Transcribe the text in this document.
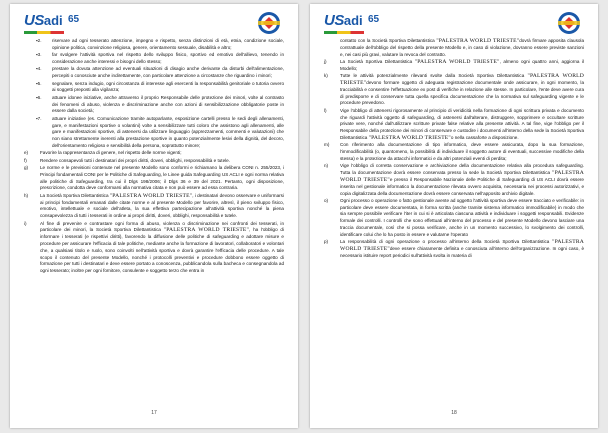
USadi 65
▪ 2.	riservare ad ogni tesserato attenzione, impegno e rispetto, senza distinzioni di età, etnia, condizione sociale, opinione politica, convinzione religiosa, genere, orientamento sessuale, disabilità e altro;
▪ 3.	far svolgere l'attività sportiva nel rispetto dello sviluppo fisico, sportivo ed emotivo dell'allievo, tenendo in considerazione anche interessi e bisogni dello stesso;
▪ 4.	prestare la dovuta attenzione ad eventuali situazioni di disagio anche derivante da disturbi dell'alimentazione, percepiti o conosciute anche indirettamente, con particolare attenzione a circostanze che riguardino i minori;
▪ 5.	segnalare, senza indugio, ogni circostanza di interesse agli esercenti la responsabilità genitoriale o tutoria ovvero ai soggetti preposti alla vigilanza;
▪ 6.	attuare idonee iniziative, anche attraverso il proprio Responsabile delle protezione dei minori, volte al contrasto dei fenomeni di abuso, violenza e discriminazione anche con azioni di sensibilizzazione obbligatorie poste in essere dalla società;
▪ 7.	attuare iniziative (es. Comunicazione tramite autoparlante, esposizione cartelli presso le sedi degli allenamenti, gare, e manifestazioni sportive o volantini) volte a sensibilizzare tutti coloro che assistono agli allenamenti, alle gare e manifestazioni sportive, di astenersi da utilizzare linguaggio (apprezzamenti, commenti e valutazioni) che non siano strettamente inerenti alla prestazione sportive in quanto potenzialmente lesivi della dignità, del decoro, dell'orientamento religioso e sensibilità della persona, soprattutto minore;
e)	Favorire la rappresentanza di genere, nel rispetto delle norme vigenti;
f)	Rendere consapevoli tutti i destinatari dei propri diritti, doveri, obblighi, responsabilità e tutele.
g)	Le norme e le previsioni contenute nel presente Modello sono conformi e richiamano la delibera CONI n. 255/2023, i Principi fondamentali CONI per le Politiche di Safeguarding, le Linee guida Safeguarding US ACLI e ogni norma relativa alle politiche di Safeguarding, tra cui il Dlgs 198/2006; il Dlgs 36 e 39 del 2021. Pertanto, ogni disposizione, prescrizione, condotta deve conformarsi alla normativa citata e non può essere ad essa contraria.
h)	La Società Sportiva Dilettantistica "PALESTRA WORLD TRIESTE", i destinatari devono osservare e uniformarsi ai principi fondamentali emanati dalle citate norme e al presente Modello per favorire, altresì, il pieno sviluppo fisico, emotivo, intellettuale e sociale dell'atleta, la sua effettiva partecipazione all'attività sportiva nonché la piena consapevolezza di tutti i tesserati in ordine ai propri diritti, doveri, obblighi, responsabilità e tutele.
i)	Al fine di prevenire e contrastare ogni forma di abuso, violenza o discriminazione nei confronti dei tesserati, in particolare dei minori, la Società Sportiva Dilettantistica "PALESTRA WORLD TRIESTE", ha l'obbligo di informare i tesserati (e rispettivi diritti), favorendo la diffusione delle politiche di safeguarding e adottare misure e procedure per assicurare l'efficacia di tale politiche, mediante anche la formazione di lavoratori, collaboratori e volontari che, a qualsiasi titolo e ruolo, sono coinvolti nell'attività sportiva e dovrà garantire l'efficacia delle procedure. A tale scopo il contenuto del presente Modello, nonché i protocolli preventivi e procedure dobbono essere oggetto di formazione per tutti i destinatari e deve essere portato a conoscenza, pubblicandola sulla bacheca e consegnandola ad ogni tesserato; inoltre per ogni fornitore, consulente e soggetto terzo che entra in
17
USadi 65
contatto con la Società Sportiva Dilettantistica "PALESTRA WORLD TRIESTE"dovrà firmare apposita clausola contrattuale dell'obbligo del rispetto della presente Modello e, in caso di violazione, dovranno essere previste sanzioni e, nei casi più gravi, valutare la revoca del contratto.
j)	La Società Sportiva Dilettantistica "PALESTRA WORLD TRIESTE", almeno ogni quattro anni, aggiorna il Modello;
k)	Tutte le attività potenzialmente rilevanti svolte dalla Società Sportiva Dilettantistica "PALESTRA WORLD TRIESTE"devono formare oggetto di adeguata registrazione documentale onde assicurare, in ogni momento, la tracciabilità e consentire l'effettuazione ex post di verifiche in relazione alle stesse. In particolare, l'ente deve avere cura di predisporre e di conservare tutta quella specifica documentazione che la normativa sul safeguarding vigente e le procedure prevedono.
l)	Vige l'obbligo di attenersi rigorosamente al principio di veridicità nella formazione di ogni scrittura privata e documento che riguardi l'attività oggetto di safeguarding, di astenersi dall'alterare, distruggere, sopprimere e occultare scritture private vere, nonché dall'utilizzare scritture private false relative alla presente attività. A tal fine, vige l'obbligo per il Responsabile della protezione dei minori di conservare e custodire i documenti all'interno della sede la Società Sportiva Dilettantistica "PALESTRA WORLD TRIESTE"o nella cassaforte a disposizione.
m)	Con riferimento alla documentazione di tipo informatico, deve essere assicurata, dopo la sua formazione, l'immodificabilità (o, quantomeno, la possibilità di individuare il soggetto autore di eventuali, successive modifiche della stessa) e la protezione da attacchi informatici e da altri potenziali eventi di perdita;
n)	Vige l'obbligo di corretta conservazione e archiviazione della documentazione relativa alla procedura safeguarding. Tutta la documentazione dovrà essere conservata presso la sede la Società Sportiva Dilettantistica "PALESTRA WORLD TRIESTE"e presso il Responsabile Nazionale delle Politiche di Safeguarding di US ACLI dovrà essere inserita nel gestionale informatico la documentazione rilevata ovvero acquisita, necessaria nei processi autorizzativi, e copia digitalizzata della documentazione dovrà essere conservata nell'apposito archivio digitale.
o)	Ogni processo o operazione o fatto gestionale avente ad oggetto l'attività sportiva deve essere tracciato e verificabile: in particolare deve essere documentata, in forma scritta (anche tramite sistema informatico immodificabile) in modo che sia sempre possibile verificare l'iter in cui si è articolata ciascuna attività e individuare i soggetti responsabili. Evidenze formale dei controlli. I controlli che sono effettuati all'interno del processo e del presente Modello devono lasciare una traccia documentale, così che si possa verificare, anche in un momento successivo, lo svolgimento dei controlli, identificare colui che lo ha posto in essere e valutarne l'operato
p)	La responsabilità di ogni operazione o processo all'interno della Società Sportiva Dilettantistica "PALESTRA WORLD TRIESTE"deve essere chiaramente definita e conosciuta all'interno dell'organizzazione. In ogni caso, è necessario istituire report periodici sull'attività svolta in materia di
18
